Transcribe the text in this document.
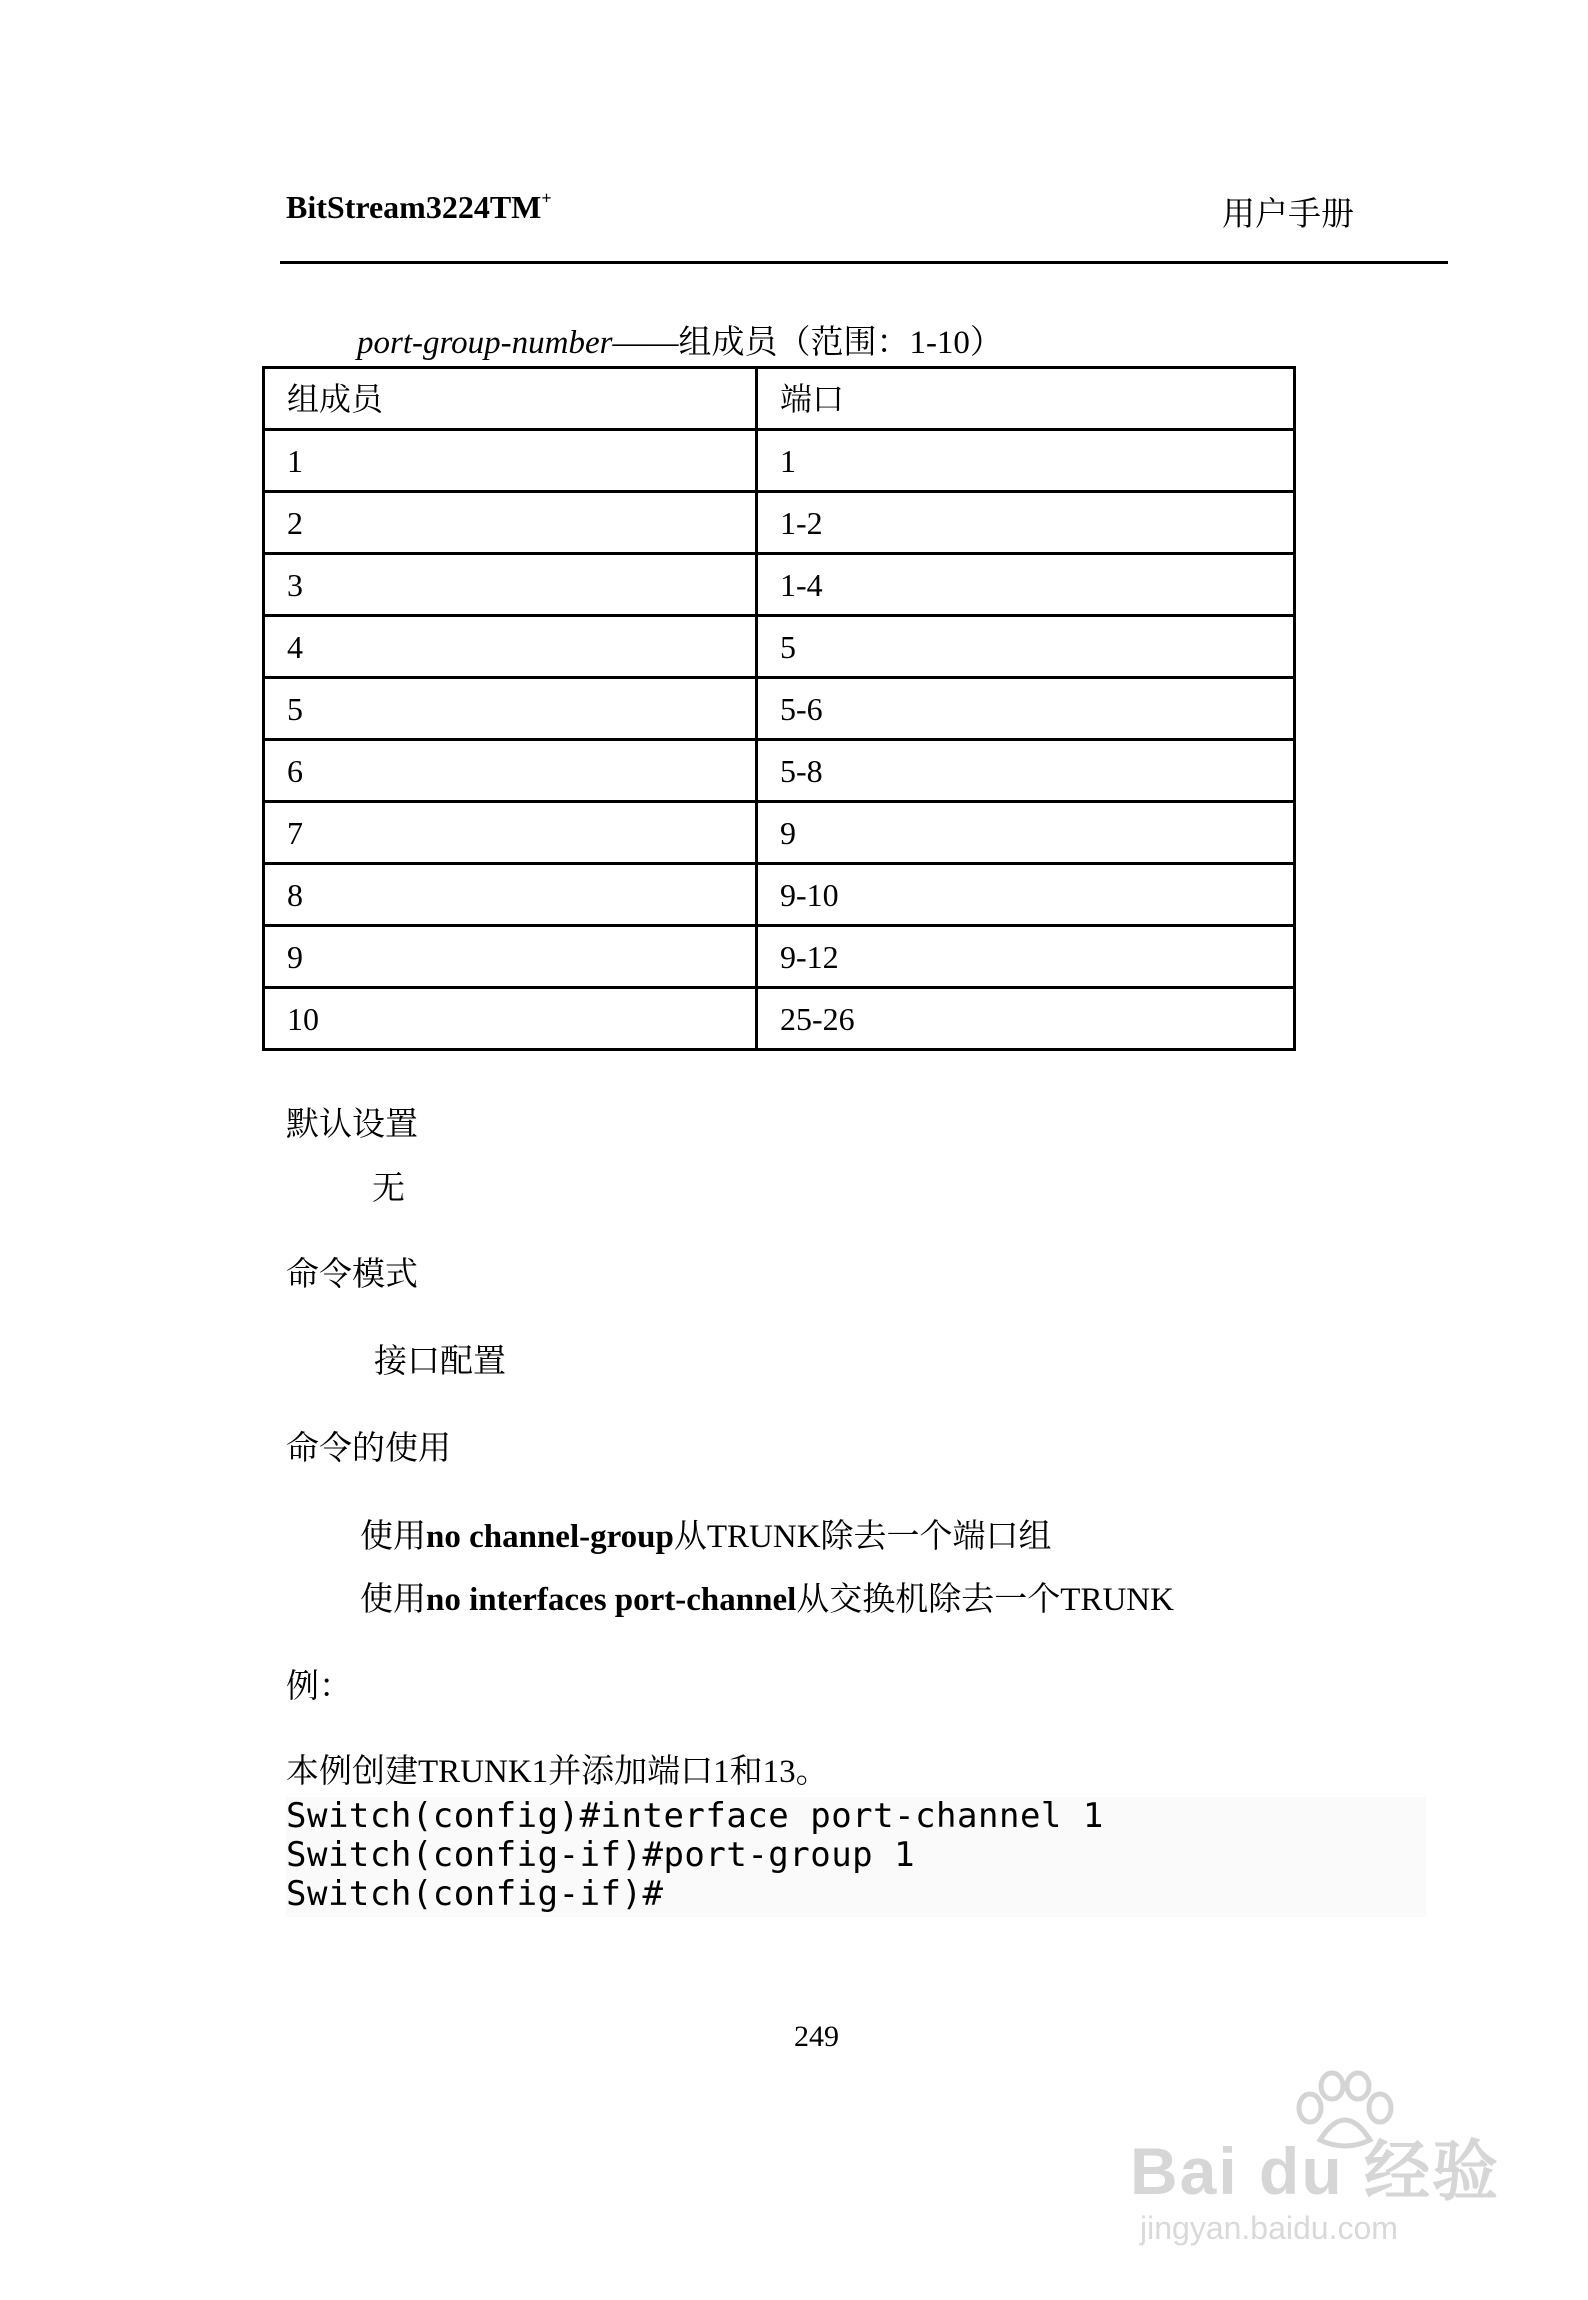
BitStream3224TM+	用户手册
port-group-number——组成员（范围：1-10）
组成员	端口
1	1
2	1-2
3	1-4
4	5
5	5-6
6	5-8
7	9
8	9-10
9	9-12
10	25-26
默认设置
无
命令模式
接口配置
命令的使用
使用no channel-group从TRUNK除去一个端口组
使用no interfaces port-channel从交换机除去一个TRUNK
例：
本例创建TRUNK1并添加端口1和13。
Switch(config)#interface port-channel 1
Switch(config-if)#port-group 1
Switch(config-if)#
249
Bai du 经验
jingyan.baidu.com
